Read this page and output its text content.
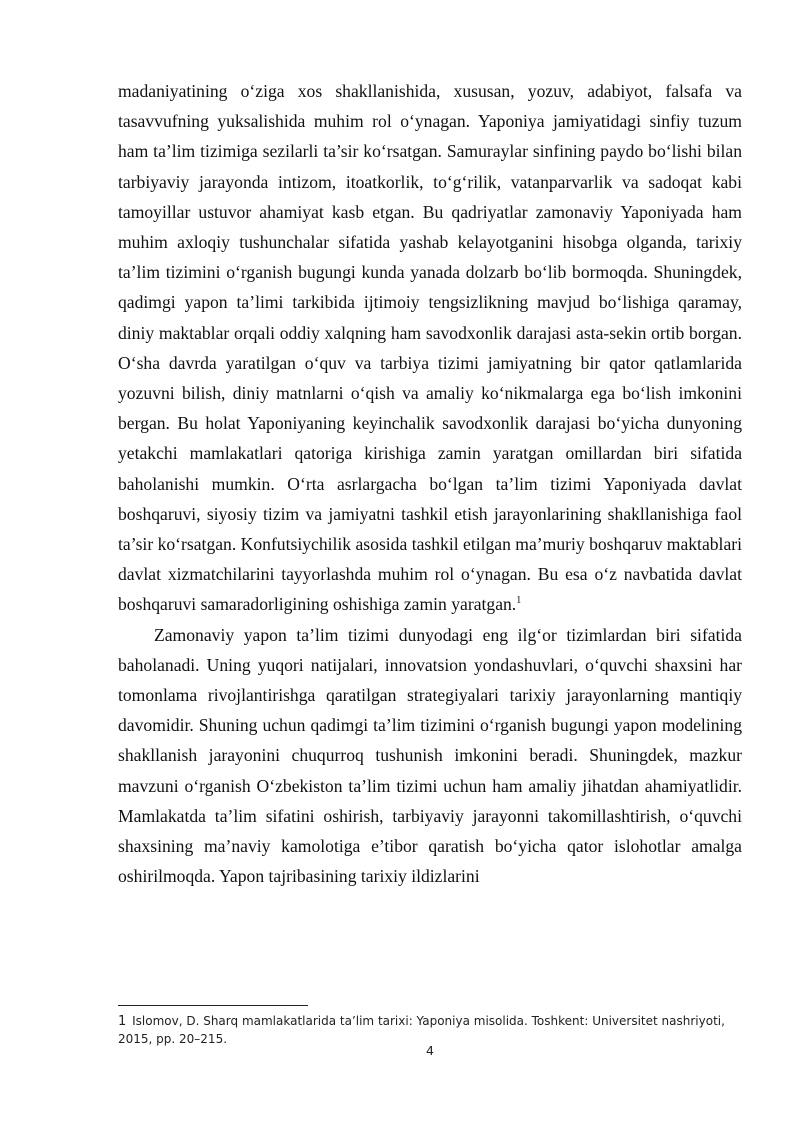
madaniyatining o‘ziga xos shakllanishida, xususan, yozuv, adabiyot, falsafa va tasavvufning yuksalishida muhim rol o‘ynagan. Yaponiya jamiyatidagi sinfiy tuzum ham ta’lim tizimiga sezilarli ta’sir ko‘rsatgan. Samuraylar sinfining paydo bo‘lishi bilan tarbiyaviy jarayonda intizom, itoatkorlik, to‘g‘rilik, vatanparvarlik va sadoqat kabi tamoyillar ustuvor ahamiyat kasb etgan. Bu qadriyatlar zamonaviy Yaponiyada ham muhim axloqiy tushunchalar sifatida yashab kelayotganini hisobga olganda, tarixiy ta’lim tizimini o‘rganish bugungi kunda yanada dolzarb bo‘lib bormoqda. Shuningdek, qadimgi yapon ta’limi tarkibida ijtimoiy tengsizlikning mavjud bo‘lishiga qaramay, diniy maktablar orqali oddiy xalqning ham savodxonlik darajasi asta-sekin ortib borgan. O‘sha davrda yaratilgan o‘quv va tarbiya tizimi jamiyatning bir qator qatlamlarida yozuvni bilish, diniy matnlarni o‘qish va amaliy ko‘nikmalarga ega bo‘lish imkonini bergan. Bu holat Yaponiyaning keyinchalik savodxonlik darajasi bo‘yicha dunyoning yetakchi mamlakatlari qatoriga kirishiga zamin yaratgan omillardan biri sifatida baholanishi mumkin. O‘rta asrlargacha bo‘lgan ta’lim tizimi Yaponiyada davlat boshqaruvi, siyosiy tizim va jamiyatni tashkil etish jarayonlarining shakllanishiga faol ta’sir ko‘rsatgan. Konfutsiychilik asosida tashkil etilgan ma’muriy boshqaruv maktablari davlat xizmatchilarini tayyorlashda muhim rol o‘ynagan. Bu esa o‘z navbatida davlat boshqaruvi samaradorligining oshishiga zamin yaratgan.$^1$

Zamonaviy yapon ta’lim tizimi dunyodagi eng ilg‘or tizimlardan biri sifatida baholanadi. Uning yuqori natijalari, innovatsion yondashuvlari, o‘quvchi shaxsini har tomonlama rivojlantirishga qaratilgan strategiyalari tarixiy jarayonlarning mantiqiy davomidir. Shuning uchun qadimgi ta’lim tizimini o‘rganish bugungi yapon modelining shakllanish jarayonini chuqurroq tushunish imkonini beradi. Shuningdek, mazkur mavzuni o‘rganish O‘zbekiston ta’lim tizimi uchun ham amaliy jihatdan ahamiyatlidir. Mamlakatda ta’lim sifatini oshirish, tarbiyaviy jarayonni takomillashtirish, o‘quvchi shaxsining ma’naviy kamolotiga e’tibor qaratish bo‘yicha qator islohotlar amalga oshirilmoqda. Yapon tajribasining tarixiy ildizlarini

1 Islomov, D. Sharq mamlakatlarida ta’lim tarixi: Yaponiya misolida. Toshkent: Universitet nashriyoti, 2015, pp. 20–215.
4
